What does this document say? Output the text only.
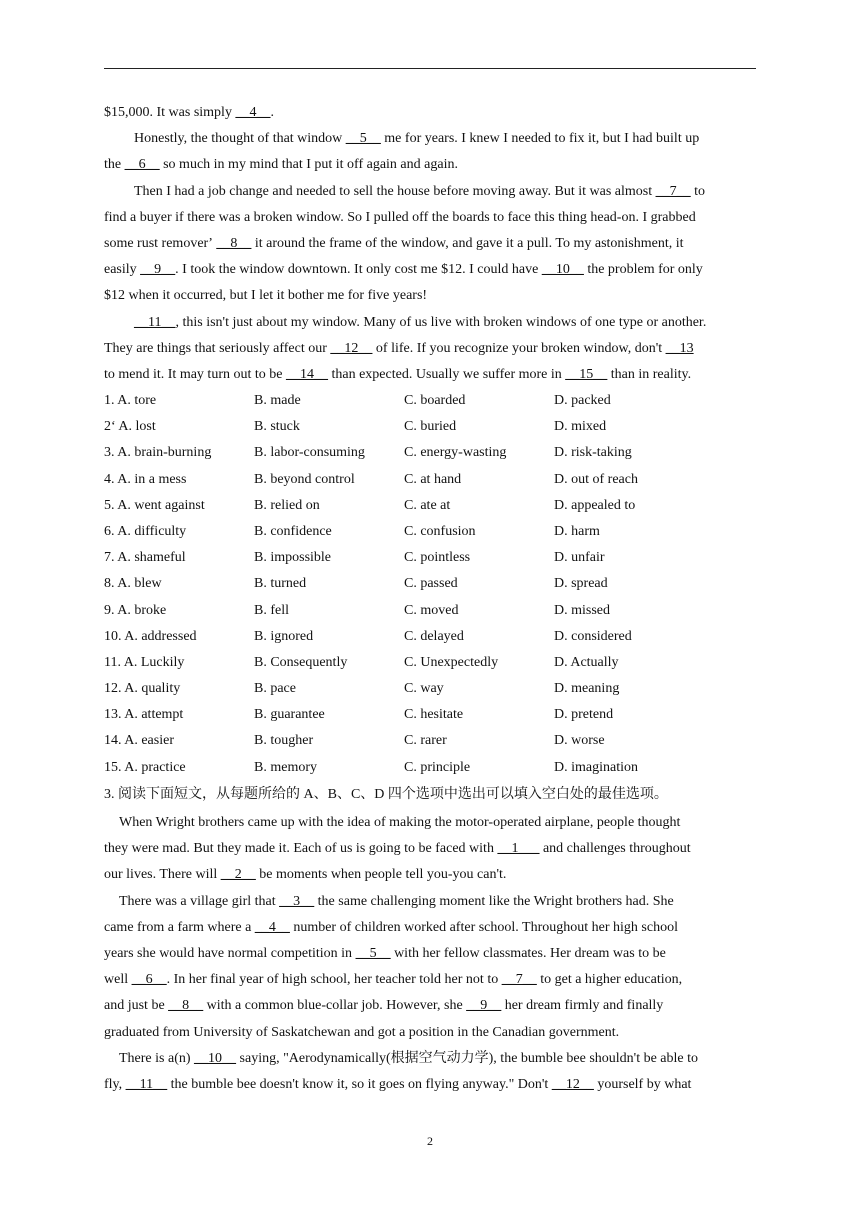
$15,000. It was simply __4__.
Honestly, the thought of that window __5__ me for years. I knew I needed to fix it, but I had built up
the __6__ so much in my mind that I put it off again and again.
Then I had a job change and needed to sell the house before moving away. But it was almost __7__ to
find a buyer if there was a broken window. So I pulled off the boards to face this thing head-on. I grabbed
some rust removerʼ __8__ it around the frame of the window, and gave it a pull. To my astonishment, it
easily __9__. I took the window downtown. It only cost me $12. I could have __10__ the problem for only
$12 when it occurred, but I let it bother me for five years!
__11__, this isn't just about my window. Many of us live with broken windows of one type or another.
They are things that seriously affect our __12__ of life. If you recognize your broken window, don't __13
to mend it. It may turn out to be __14__ than expected. Usually we suffer more in __15__ than in reality.
1. A. tore	B. made	C. boarded	D. packed
2ʻ A. lost	B. stuck	C. buried	D. mixed
3. A. brain-burning	B. labor-consuming	C. energy-wasting	D. risk-taking
4. A. in a mess	B. beyond control	C. at hand	D. out of reach
5. A. went against	B. relied on	C. ate at	D. appealed to
6. A. difficulty	B. confidence	C. confusion	D. harm
7. A. shameful	B. impossible	C. pointless	D. unfair
8. A. blew	B. turned	C. passed	D. spread
9. A. broke	B. fell	C. moved	D. missed
10. A. addressed	B. ignored	C. delayed	D. considered
11. A. Luckily	B. Consequently	C. Unexpectedly	D. Actually
12. A. quality	B. pace	C. way	D. meaning
13. A. attempt	B. guarantee	C. hesitate	D. pretend
14. A. easier	B. tougher	C. rarer	D. worse
15. A. practice	B. memory	C. principle	D. imagination
3. 阅读下面短文，从每题所给的 A、B、C、D 四个选项中选出可以填入空白处的最佳选项。
When Wright brothers came up with the idea of making the motor-operated airplane, people thought
they were mad. But they made it. Each of us is going to be faced with __1___ and challenges throughout
our lives. There will __2__ be moments when people tell you-you can't.
There was a village girl that __3__ the same challenging moment like the Wright brothers had. She
came from a farm where a __4__ number of children worked after school. Throughout her high school
years she would have normal competition in __5__ with her fellow classmates. Her dream was to be
well __6__. In her final year of high school, her teacher told her not to __7__ to get a higher education,
and just be __8__ with a common blue-collar job. However, she __9__ her dream firmly and finally
graduated from University of Saskatchewan and got a position in the Canadian government.
There is a(n) __10__ saying, "Aerodynamically(根据空气动力学), the bumble bee shouldn't be able to
fly, __11__ the bumble bee doesn't know it, so it goes on flying anyway." Don't __12__ yourself by what
2
